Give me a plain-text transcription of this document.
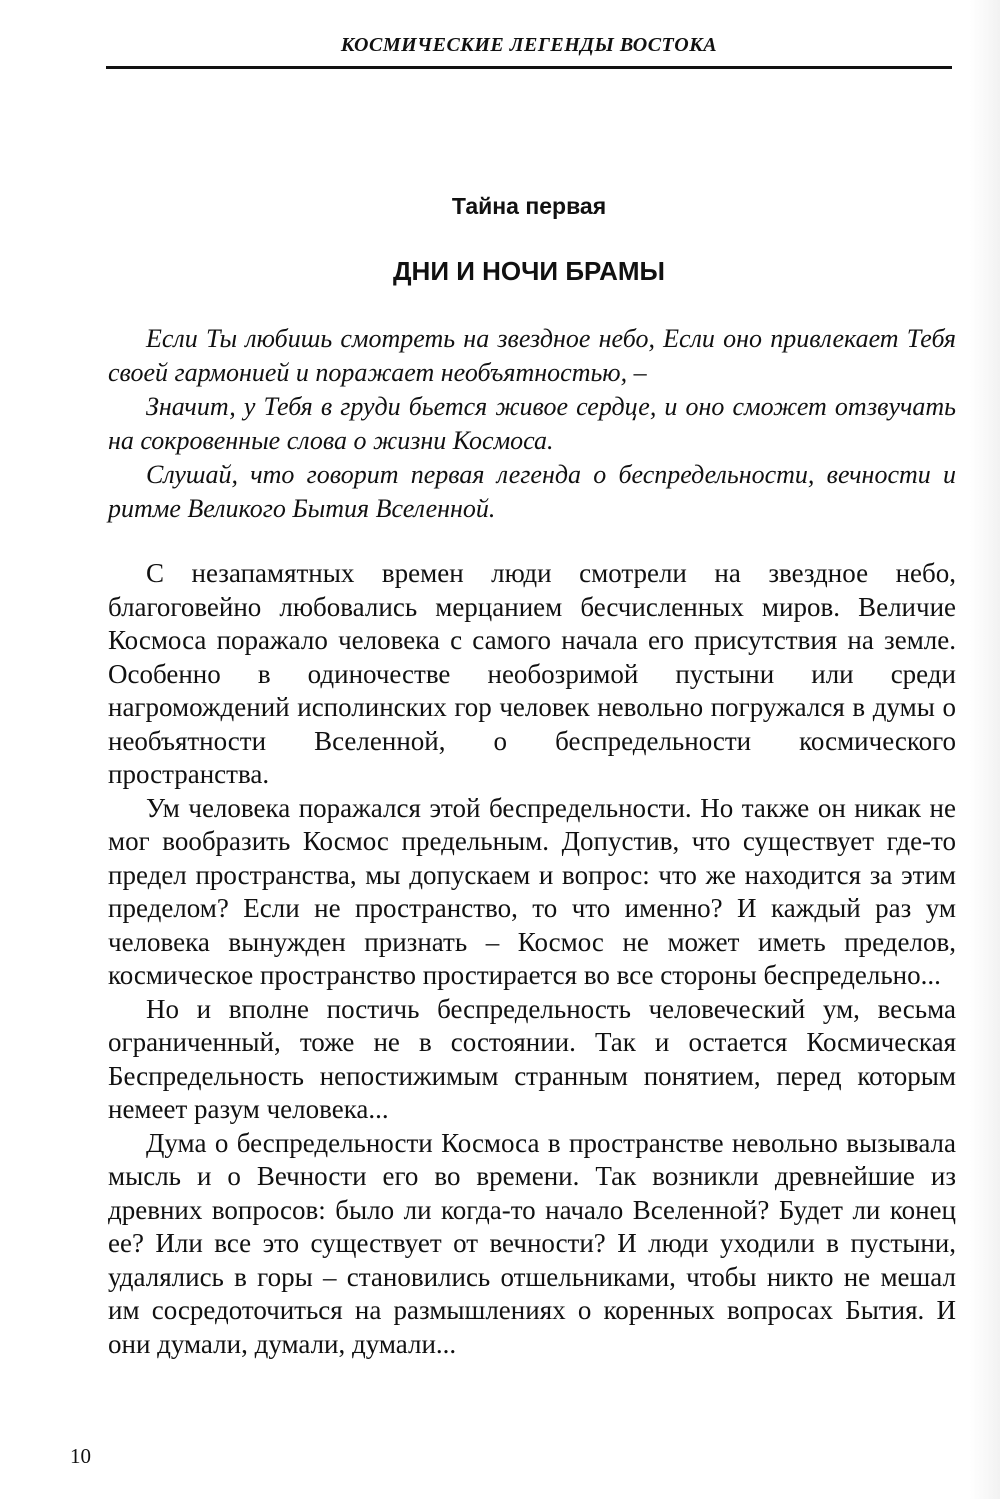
КОСМИЧЕСКИЕ ЛЕГЕНДЫ ВОСТОКА
Тайна первая
ДНИ И НОЧИ БРАМЫ

Если Ты любишь смотреть на звездное небо, Если оно привлекает Тебя своей гармонией и поражает необъятностью, –

Значит, у Тебя в груди бьется живое сердце, и оно сможет отзвучать на сокровенные слова о жизни Космоса.

Слушай, что говорит первая легенда о беспредельности, вечности и ритме Великого Бытия Вселенной.

С незапамятных времен люди смотрели на звездное небо, благоговейно любовались мерцанием бесчисленных миров. Величие Космоса поражало человека с самого начала его присутствия на земле. Особенно в одиночестве необозримой пустыни или среди нагромождений исполинских гор человек невольно погружался в думы о необъятности Вселенной, о беспредельности космического пространства.

Ум человека поражался этой беспредельности. Но также он никак не мог вообразить Космос предельным. Допустив, что существует где-то предел пространства, мы допускаем и вопрос: что же находится за этим пределом? Если не пространство, то что именно? И каждый раз ум человека вынужден признать – Космос не может иметь пределов, космическое пространство простирается во все стороны беспредельно...

Но и вполне постичь беспредельность человеческий ум, весьма ограниченный, тоже не в состоянии. Так и остается Космическая Беспредельность непостижимым странным понятием, перед которым немеет разум человека...

Дума о беспредельности Космоса в пространстве невольно вызывала мысль и о Вечности его во времени. Так возникли древнейшие из древних вопросов: было ли когда-то начало Вселенной? Будет ли конец ее? Или все это существует от вечности? И люди уходили в пустыни, удалялись в горы – становились отшельниками, чтобы никто не мешал им сосредоточиться на размышлениях о коренных вопросах Бытия. И они думали, думали, думали...

10
